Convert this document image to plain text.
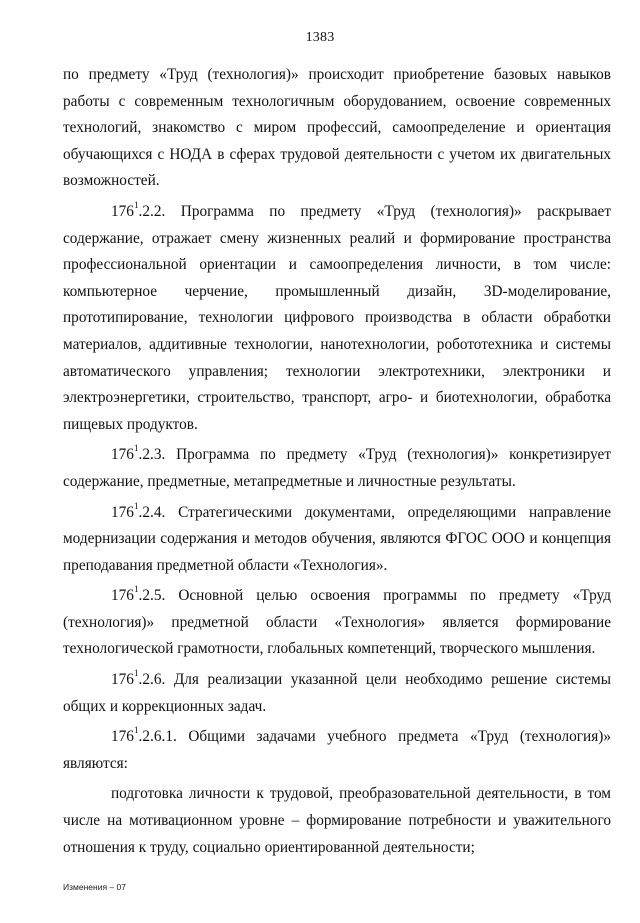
1383

по предмету «Труд (технология)» происходит приобретение базовых навыков работы с современным технологичным оборудованием, освоение современных технологий, знакомство с миром профессий, самоопределение и ориентация обучающихся с НОДА в сферах трудовой деятельности с учетом их двигательных возможностей.

$176^1.2.2$. Программа по предмету «Труд (технология)» раскрывает содержание, отражает смену жизненных реалий и формирование пространства профессиональной ориентации и самоопределения личности, в том числе: компьютерное черчение, промышленный дизайн, 3D-моделирование, прототипирование, технологии цифрового производства в области обработки материалов, аддитивные технологии, нанотехнологии, робототехника и системы автоматического управления; технологии электротехники, электроники и электроэнергетики, строительство, транспорт, агро- и биотехнологии, обработка пищевых продуктов.

$176^1.2.3$. Программа по предмету «Труд (технология)» конкретизирует содержание, предметные, метапредметные и личностные результаты.

$176^1.2.4$. Стратегическими документами, определяющими направление модернизации содержания и методов обучения, являются ФГОС ООО и концепция преподавания предметной области «Технология».

$176^1.2.5$. Основной целью освоения программы по предмету «Труд (технология)» предметной области «Технология» является формирование технологической грамотности, глобальных компетенций, творческого мышления.

$176^1.2.6$. Для реализации указанной цели необходимо решение системы общих и коррекционных задач.

$176^1.2.6.1$. Общими задачами учебного предмета «Труд (технология)» являются:

подготовка личности к трудовой, преобразовательной деятельности, в том числе на мотивационном уровне – формирование потребности и уважительного отношения к труду, социально ориентированной деятельности;

Изменения – 07
